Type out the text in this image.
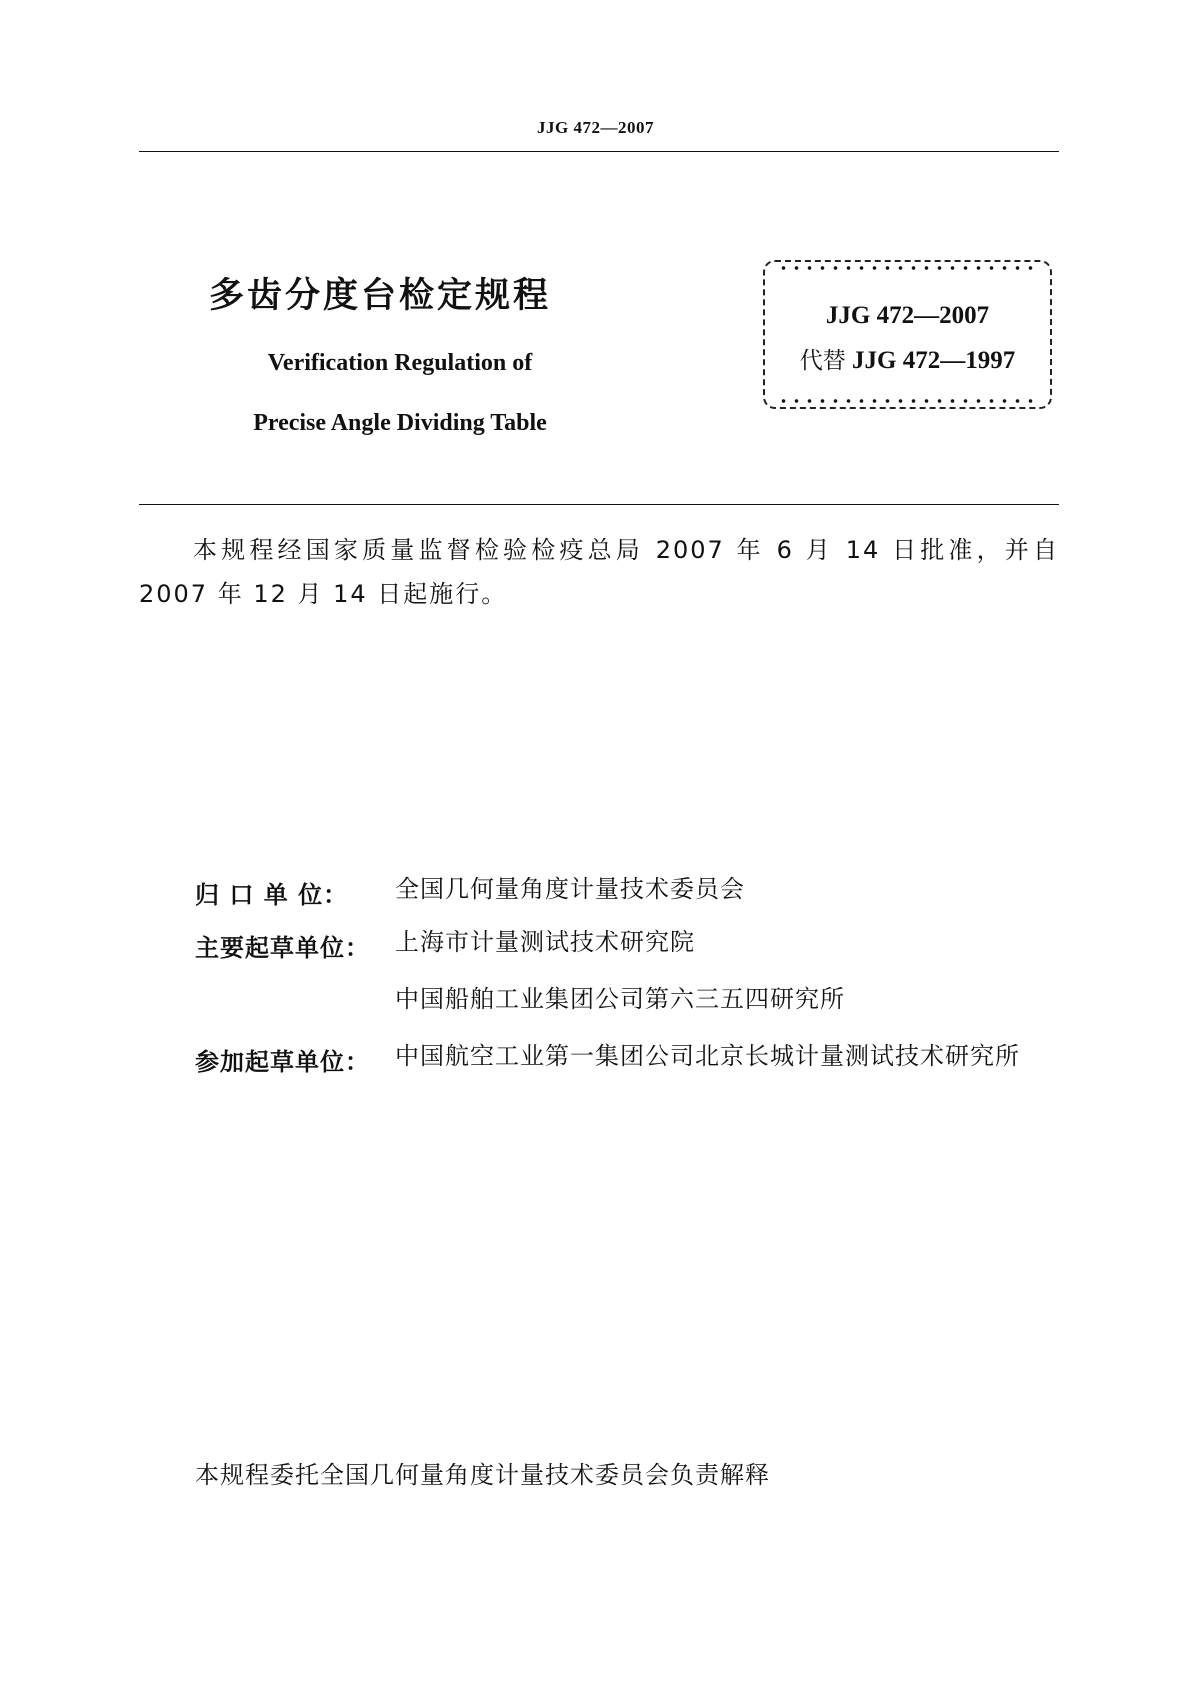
JJG 472—2007
多齿分度台检定规程
Verification Regulation of
Precise Angle Dividing Table
JJG 472—2007
代替 JJG 472—1997
本规程经国家质量监督检验检疫总局 2007 年 6 月 14 日批准，并自 2007 年 12 月 14 日起施行。
归 口 单 位： 全国几何量角度计量技术委员会
主要起草单位： 上海市计量测试技术研究院
中国船舶工业集团公司第六三五四研究所
参加起草单位： 中国航空工业第一集团公司北京长城计量测试技术研究所
本规程委托全国几何量角度计量技术委员会负责解释
